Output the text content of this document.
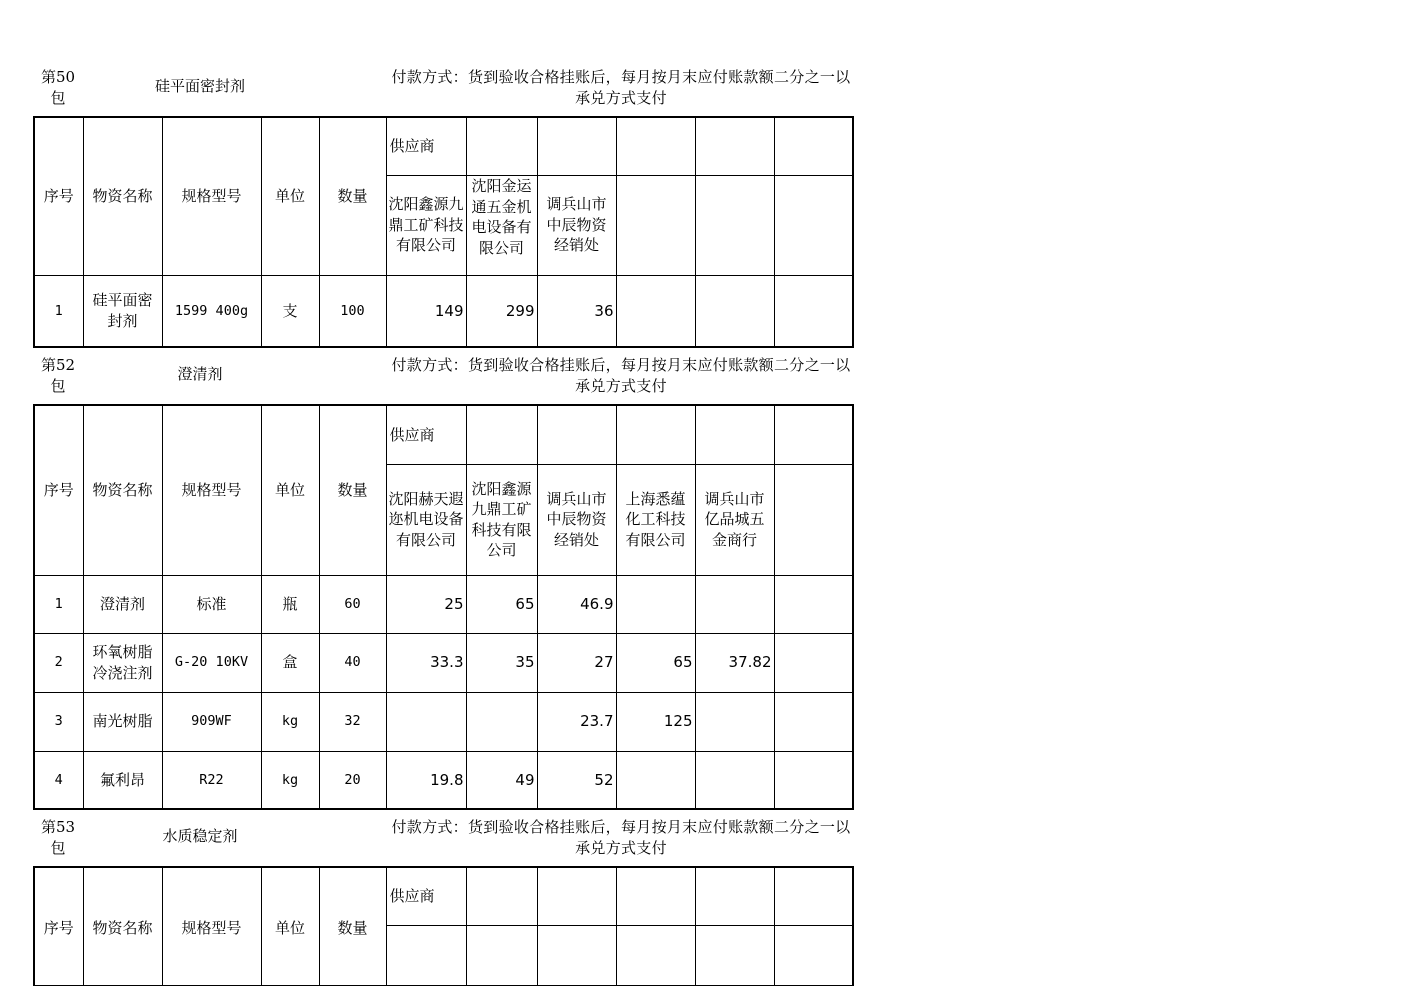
第50
包
硅平面密封剂	付款方式：货到验收合格挂账后，每月按月末应付账款额二分之一以承兑方式支付
序号	物资名称	规格型号	单位	数量	供应商					
					沈阳鑫源九鼎工矿科技有限公司	沈阳金运通五金机电设备有限公司	调兵山市中辰物资经销处			
1	硅平面密封剂	1599 400g	支	100	149	299	36			
第52
包
澄清剂	付款方式：货到验收合格挂账后，每月按月末应付账款额二分之一以承兑方式支付
序号	物资名称	规格型号	单位	数量	供应商					
					沈阳赫天遐迩机电设备有限公司	沈阳鑫源九鼎工矿科技有限公司	调兵山市中辰物资经销处	上海悉蕴化工科技有限公司	调兵山市亿品城五金商行	
1	澄清剂	标准	瓶	60	25	65	46.9			
2	环氧树脂冷浇注剂	G-20 10KV	盒	40	33.3	35	27	65	37.82	
3	南光树脂	909WF	kg	32			23.7	125		
4	氟利昂	R22	kg	20	19.8	49	52			
第53
包
水质稳定剂	付款方式：货到验收合格挂账后，每月按月末应付账款额二分之一以承兑方式支付
序号	物资名称	规格型号	单位	数量	供应商					
